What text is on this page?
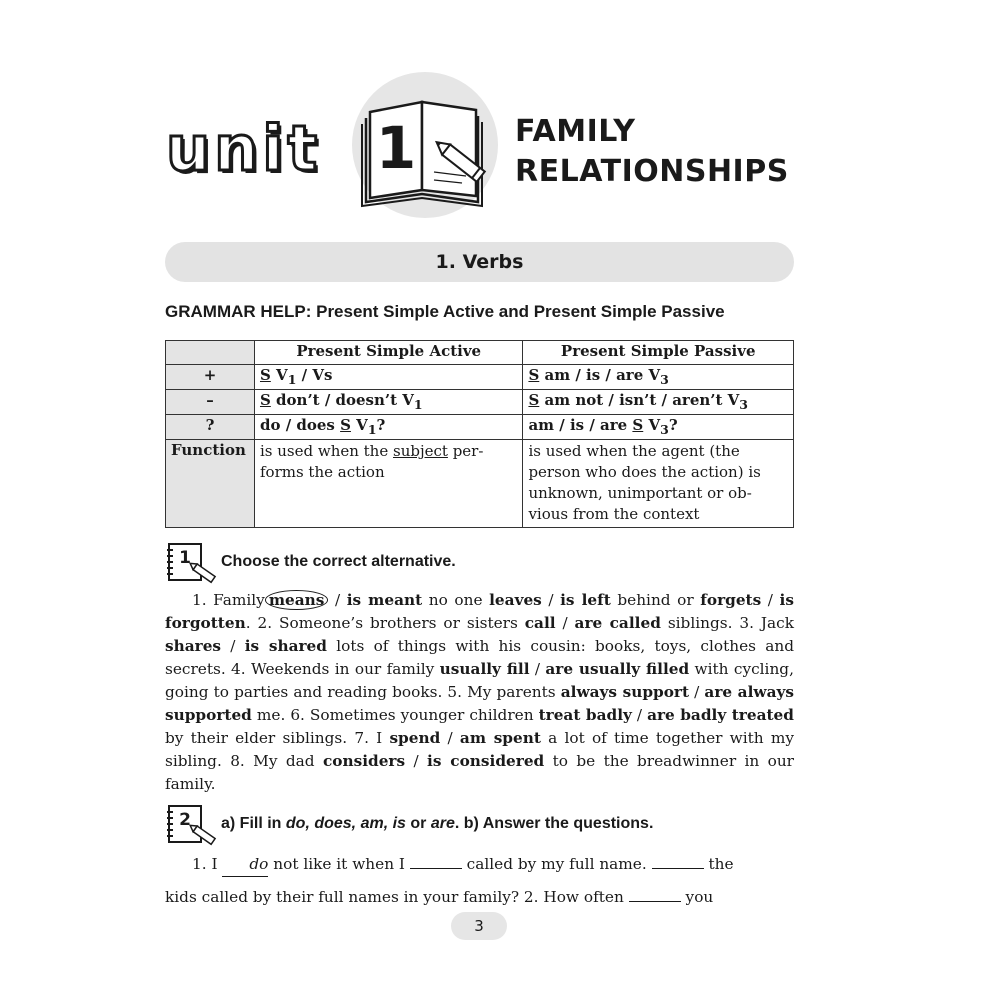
unit 1	FAMILY
RELATIONSHIPS
1. Verbs
GRAMMAR HELP: Present Simple Active and Present Simple Passive
	Present Simple Active	Present Simple Passive
+	S $V_1$ / Vs	S am / is / are $V_3$
–	S don’t / doesn’t $V_1$	S am not / isn’t / aren’t $V_3$
?	do / does S $V_1$?	am / is / are S $V_3$?
Function	is used when the subject per-forms the action	is used when the agent (the person who does the action) is unknown, unimportant or ob-vious from the context
1 Choose the correct alternative.
1. Family means / is meant no one leaves / is left behind or forgets / is forgotten. 2. Someone’s brothers or sisters call / are called siblings. 3. Jack shares / is shared lots of things with his cousin: books, toys, clothes and secrets. 4. Weekends in our family usually fill / are usually filled with cycling, going to parties and reading books. 5. My parents always support / are always supported me. 6. Sometimes younger children treat badly / are badly treated by their elder siblings. 7. I spend / am spent a lot of time together with my sibling. 8. My dad considers / is considered to be the breadwinner in our family.
2 a) Fill in do, does, am, is or are. b) Answer the questions.
1. I do not like it when I	called by my full name.	the
kids called by their full names in your family? 2. How often	you
3
